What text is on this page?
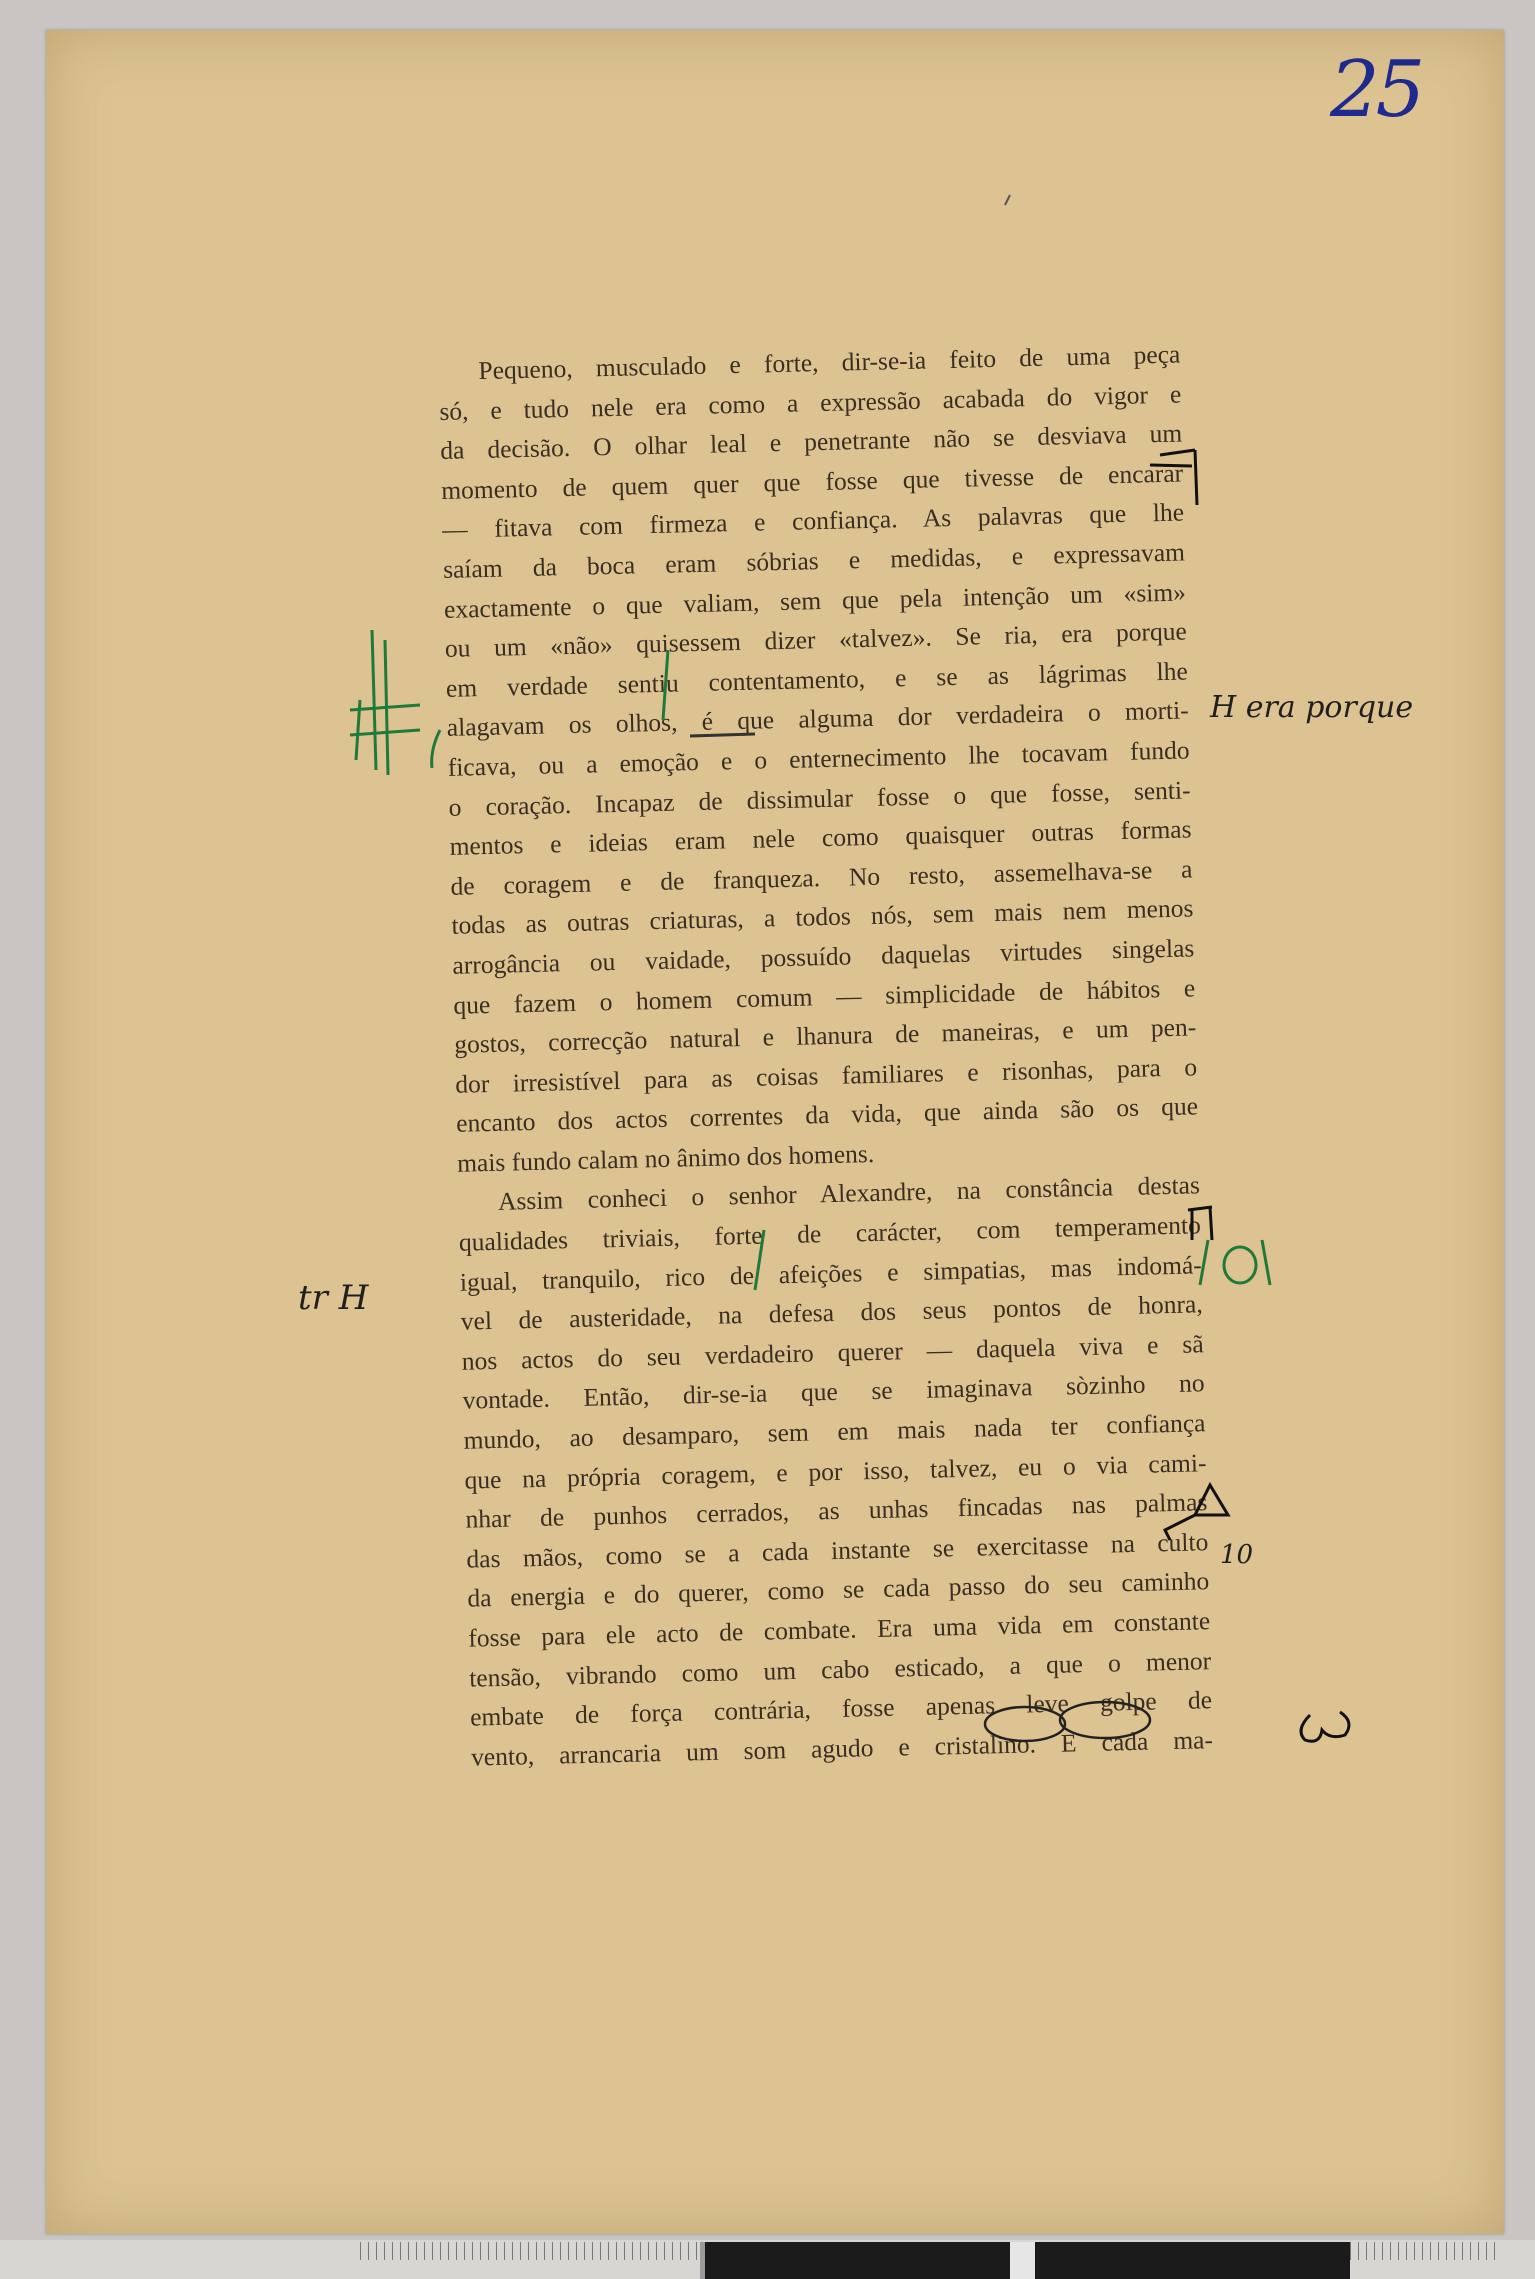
25
Pequeno, musculado e forte, dir-se-ia feito de uma peça
só, e tudo nele era como a expressão acabada do vigor e
da decisão. O olhar leal e penetrante não se desviava um
momento de quem quer que fosse que tivesse de encarar
— fitava com firmeza e confiança. As palavras que lhe
saíam da boca eram sóbrias e medidas, e expressavam
exactamente o que valiam, sem que pela intenção um «sim»
ou um «não» quisessem dizer «talvez». Se ria, era porque
em verdade sentiu contentamento, e se as lágrimas lhe
alagavam os olhos, é que alguma dor verdadeira o morti-
ficava, ou a emoção e o enternecimento lhe tocavam fundo
o coração. Incapaz de dissimular fosse o que fosse, senti-
mentos e ideias eram nele como quaisquer outras formas
de coragem e de franqueza. No resto, assemelhava-se a
todas as outras criaturas, a todos nós, sem mais nem menos
arrogância ou vaidade, possuído daquelas virtudes singelas
que fazem o homem comum — simplicidade de hábitos e
gostos, correcção natural e lhanura de maneiras, e um pen-
dor irresistível para as coisas familiares e risonhas, para o
encanto dos actos correntes da vida, que ainda são os que
mais fundo calam no ânimo dos homens.
Assim conheci o senhor Alexandre, na constância destas
qualidades triviais, forte de carácter, com temperamento
igual, tranquilo, rico de afeições e simpatias, mas indomá-
vel de austeridade, na defesa dos seus pontos de honra,
nos actos do seu verdadeiro querer — daquela viva e sã
vontade. Então, dir-se-ia que se imaginava sòzinho no
mundo, ao desamparo, sem em mais nada ter confiança
que na própria coragem, e por isso, talvez, eu o via cami-
nhar de punhos cerrados, as unhas fincadas nas palmas
das mãos, como se a cada instante se exercitasse na culto
da energia e do querer, como se cada passo do seu caminho
fosse para ele acto de combate. Era uma vida em constante
tensão, vibrando como um cabo esticado, a que o menor
embate de força contrária, fosse apenas leve golpe de
vento, arrancaria um som agudo e cristalino. E cada ma-
H era porque
tr H
10
